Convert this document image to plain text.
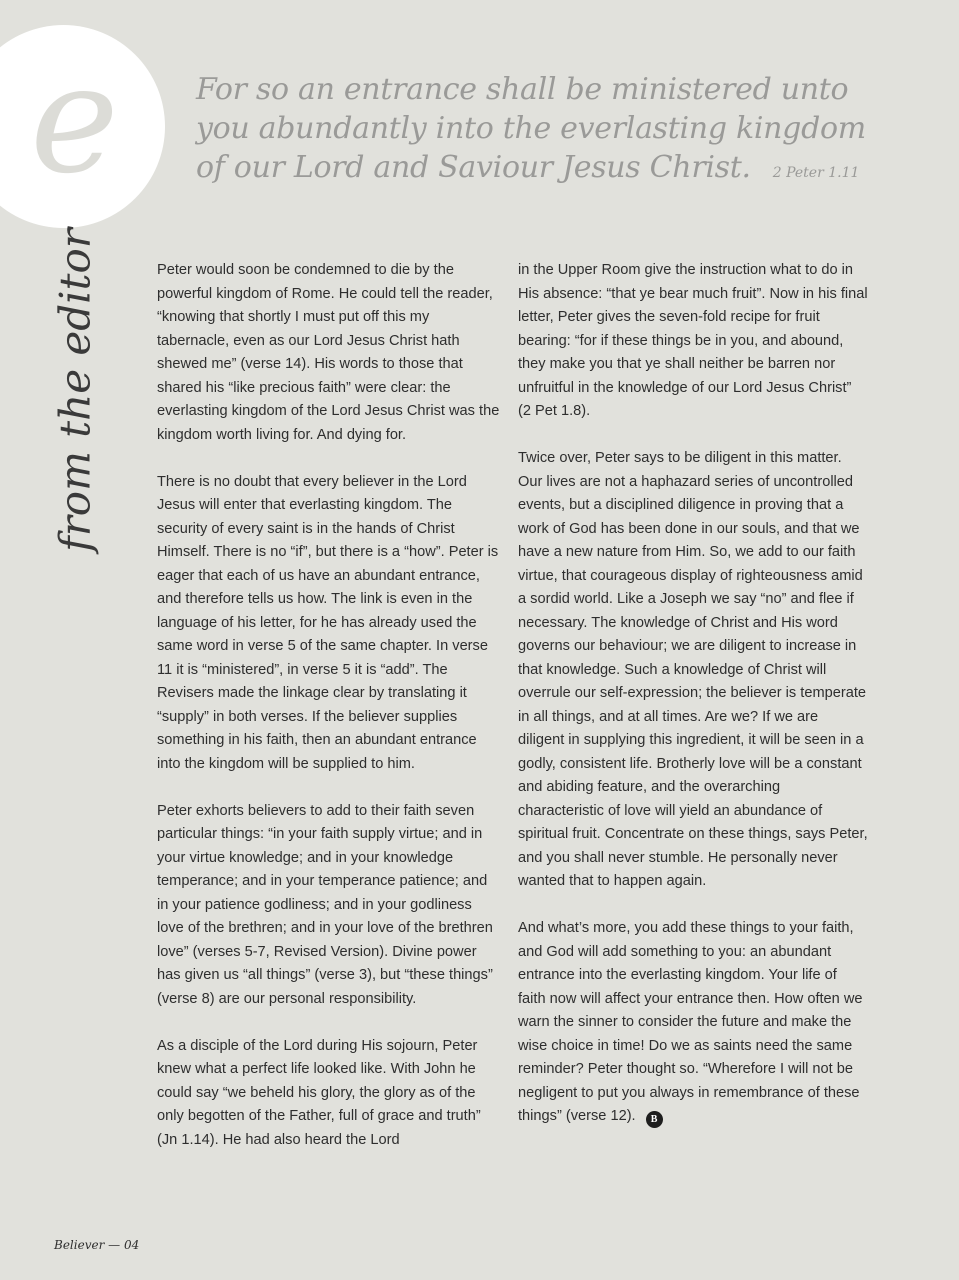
e	For so an entrance shall be ministered unto you abundantly into the everlasting kingdom of our Lord and Saviour Jesus Christ. 2 Peter 1.11
from the editor	Peter would soon be condemned to die by the powerful kingdom of Rome. He could tell the reader, “knowing that shortly I must put off this my tabernacle, even as our Lord Jesus Christ hath shewed me” (verse 14). His words to those that shared his “like precious faith” were clear: the everlasting kingdom of the Lord Jesus Christ was the kingdom worth living for. And dying for.

There is no doubt that every believer in the Lord Jesus will enter that everlasting kingdom. The security of every saint is in the hands of Christ Himself. There is no “if”, but there is a “how”. Peter is eager that each of us have an abundant entrance, and therefore tells us how. The link is even in the language of his letter, for he has already used the same word in verse 5 of the same chapter. In verse 11 it is “ministered”, in verse 5 it is “add”. The Revisers made the linkage clear by translating it “supply” in both verses. If the believer supplies something in his faith, then an abundant entrance into the kingdom will be supplied to him.

Peter exhorts believers to add to their faith seven particular things: “in your faith supply virtue; and in your virtue knowledge; and in your knowledge temperance; and in your temperance patience; and in your patience godliness; and in your godliness love of the brethren; and in your love of the brethren love” (verses 5-7, Revised Version). Divine power has given us “all things” (verse 3), but “these things” (verse 8) are our personal responsibility.

As a disciple of the Lord during His sojourn, Peter knew what a perfect life looked like. With John he could say “we beheld his glory, the glory as of the only begotten of the Father, full of grace and truth” (Jn 1.14). He had also heard the Lord

in the Upper Room give the instruction what to do in His absence: “that ye bear much fruit”. Now in his final letter, Peter gives the seven-fold recipe for fruit bearing: “for if these things be in you, and abound, they make you that ye shall neither be barren nor unfruitful in the knowledge of our Lord Jesus Christ” (2 Pet 1.8).

Twice over, Peter says to be diligent in this matter. Our lives are not a haphazard series of uncontrolled events, but a disciplined diligence in proving that a work of God has been done in our souls, and that we have a new nature from Him. So, we add to our faith virtue, that courageous display of righteousness amid a sordid world. Like a Joseph we say “no” and flee if necessary. The knowledge of Christ and His word governs our behaviour; we are diligent to increase in that knowledge. Such a knowledge of Christ will overrule our self-expression; the believer is temperate in all things, and at all times. Are we? If we are diligent in supplying this ingredient, it will be seen in a godly, consistent life. Brotherly love will be a constant and abiding feature, and the overarching characteristic of love will yield an abundance of spiritual fruit. Concentrate on these things, says Peter, and you shall never stumble. He personally never wanted that to happen again.

And what’s more, you add these things to your faith, and God will add something to you: an abundant entrance into the everlasting kingdom. Your life of faith now will affect your entrance then. How often we warn the sinner to consider the future and make the wise choice in time! Do we as saints need the same reminder? Peter thought so. “Wherefore I will not be negligent to put you always in remembrance of these things” (verse 12). B

Believer — 04
